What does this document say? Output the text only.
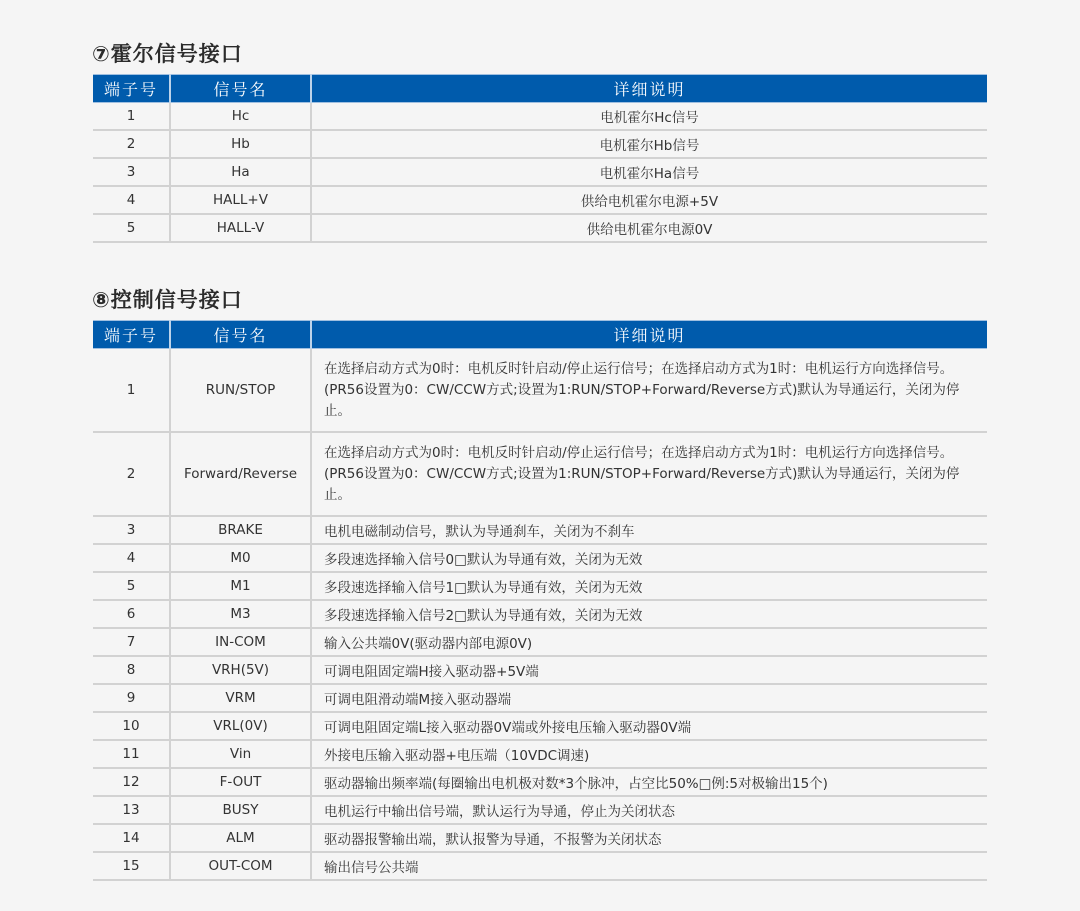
⑦霍尔信号接口
端子号	信号名	详细说明
1	Hc	电机霍尔Hc信号
2	Hb	电机霍尔Hb信号
3	Ha	电机霍尔Ha信号
4	HALL+V	供给电机霍尔电源+5V
5	HALL-V	供给电机霍尔电源0V
⑧控制信号接口
端子号	信号名	详细说明
1	RUN/STOP	在选择启动方式为0时：电机反时针启动/停止运行信号；在选择启动方式为1时：电机运行方向选择信号。(PR56设置为0：CW/CCW方式;设置为1:RUN/STOP+Forward/Reverse方式)默认为导通运行，关闭为停止。
2	Forward/Reverse	在选择启动方式为0时：电机反时针启动/停止运行信号；在选择启动方式为1时：电机运行方向选择信号。(PR56设置为0：CW/CCW方式;设置为1:RUN/STOP+Forward/Reverse方式)默认为导通运行，关闭为停止。
3	BRAKE	电机电磁制动信号，默认为导通刹车，关闭为不刹车
4	M0	多段速选择输入信号0□默认为导通有效，关闭为无效
5	M1	多段速选择输入信号1□默认为导通有效，关闭为无效
6	M3	多段速选择输入信号2□默认为导通有效，关闭为无效
7	IN-COM	输入公共端0V(驱动器内部电源0V)
8	VRH(5V)	可调电阻固定端H接入驱动器+5V端
9	VRM	可调电阻滑动端M接入驱动器端
10	VRL(0V)	可调电阻固定端L接入驱动器0V端或外接电压输入驱动器0V端
11	Vin	外接电压输入驱动器+电压端（10VDC调速)
12	F-OUT	驱动器输出频率端(每圈输出电机极对数*3个脉冲，占空比50%□例:5对极输出15个)
13	BUSY	电机运行中输出信号端，默认运行为导通，停止为关闭状态
14	ALM	驱动器报警输出端，默认报警为导通，不报警为关闭状态
15	OUT-COM	输出信号公共端
